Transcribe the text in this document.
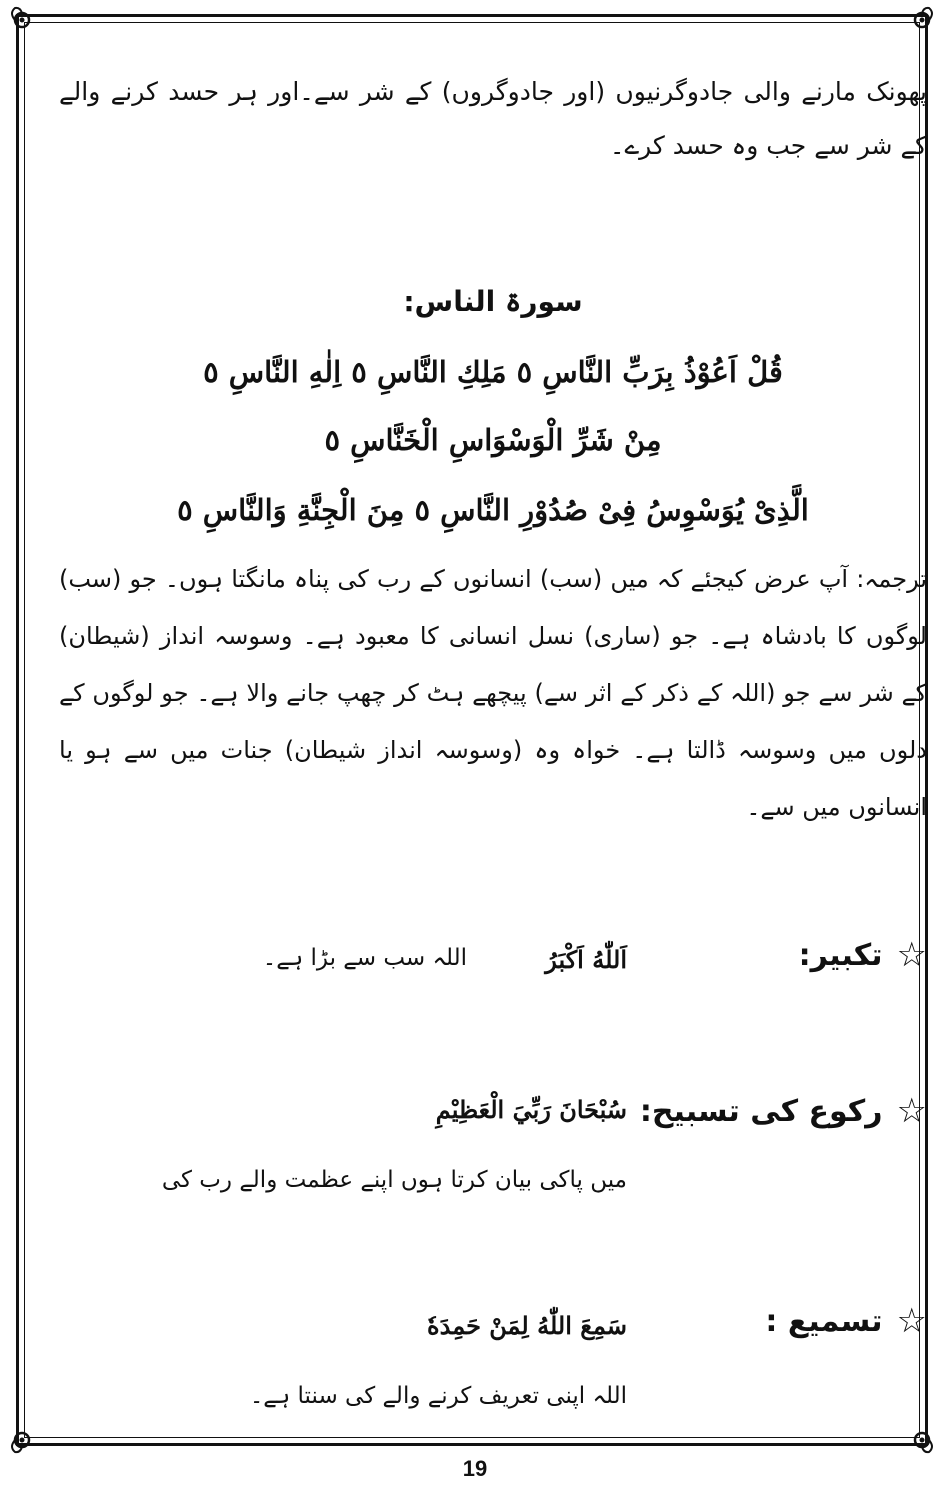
پھونک مارنے والی جادوگرنیوں (اور جادوگروں) کے شر سے۔اور ہر حسد کرنے والے کے شر سے جب وہ حسد کرے۔

سورۃ الناس:
قُلْ اَعُوْذُ بِرَبِّ النَّاسِ ٥ مَلِكِ النَّاسِ ٥ اِلٰهِ النَّاسِ ٥
مِنْ شَرِّ الْوَسْوَاسِ الْخَنَّاسِ ٥
الَّذِیْ یُوَسْوِسُ فِیْ صُدُوْرِ النَّاسِ ٥ مِنَ الْجِنَّةِ وَالنَّاسِ ٥

ترجمہ: آپ عرض کیجئے کہ میں (سب) انسانوں کے رب کی پناہ مانگتا ہوں۔ جو (سب) لوگوں کا بادشاہ ہے۔ جو (ساری) نسل انسانی کا معبود ہے۔ وسوسہ انداز (شیطان) کے شر سے جو (اللہ کے ذکر کے اثر سے) پیچھے ہٹ کر چھپ جانے والا ہے۔ جو لوگوں کے دلوں میں وسوسہ ڈالتا ہے۔ خواہ وہ (وسوسہ انداز شیطان) جنات میں سے ہو یا انسانوں میں سے۔

☆
تکبیر:
اَللّٰهُ اَكْبَرُ
اللہ سب سے بڑا ہے۔
☆
رکوع کی تسبیح:
سُبْحَانَ رَبِّيَ الْعَظِيْمِ
میں پاکی بیان کرتا ہوں اپنے عظمت والے رب کی
☆
تسمیع :
سَمِعَ اللّٰهُ لِمَنْ حَمِدَهٗ
اللہ اپنی تعریف کرنے والے کی سنتا ہے۔
19
